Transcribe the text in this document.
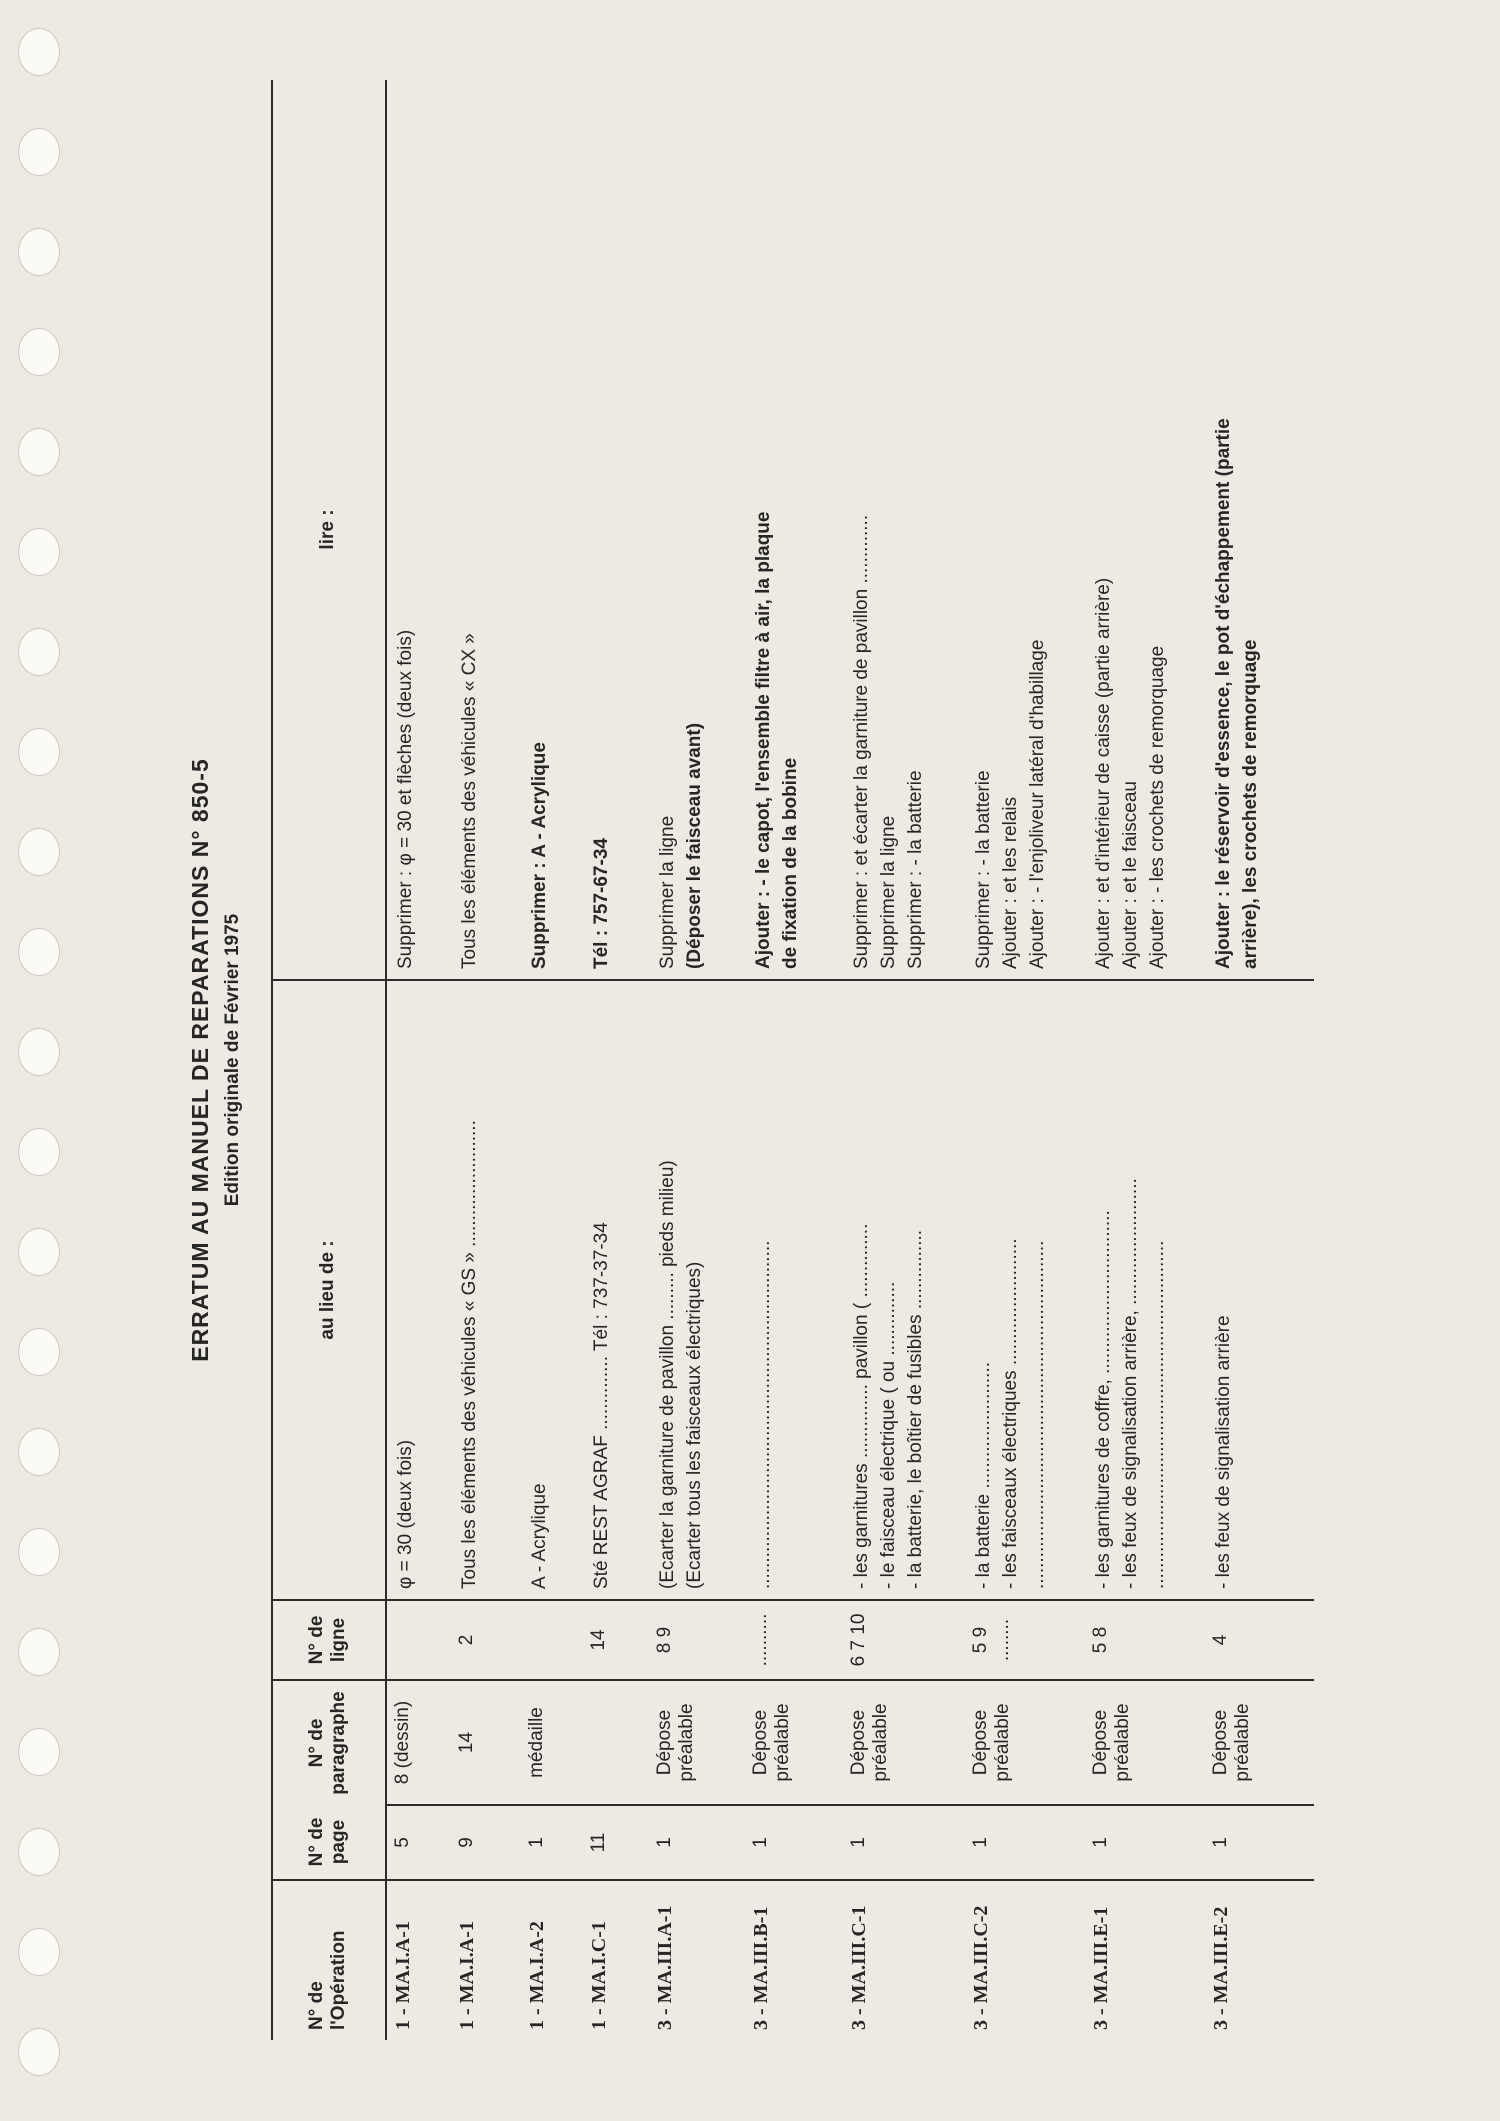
ERRATUM AU MANUEL DE REPARATIONS N° 850-5 Edition originale de Février 1975
N° de l'Opération	N° de page	N° de paragraphe	N° de ligne	au lieu de :	lire :
1 - MA.I.A-1	5	8 (dessin)		φ = 30 (deux fois)	Supprimer : φ = 30 et flèches (deux fois)

1 - MA.I.A-1	9	14	2	Tous les éléments des véhicules « GS » ........................	Tous les éléments des véhicules « CX »

1 - MA.I.A-2	1	médaille		A - Acrylique	Supprimer : A - Acrylique

1 - MA.I.C-1	11		14	Sté REST AGRAF .............. Tél : 737-37-34	Tél : 757-67-34

3 - MA.III.A-1	1	Dépose préalable	8 9	(Ecarter la garniture de pavillon ......... pieds milieu) (Ecarter tous les faisceaux électriques)	Supprimer la ligne (Déposer le faisceau avant)

3 - MA.III.B-1	1	Dépose préalable	..........	..................................................................	Ajouter : - le capot, l'ensemble filtre à air, la plaque de fixation de la bobine

3 - MA.III.C-1	1	Dépose préalable	6 7 10	- les garnitures .............. pavillon ( .............. - le faisceau électrique ( ou .............. - la batterie, le boîtier de fusibles ...............	Supprimer : et écarter la garniture de pavillon ............. Supprimer la ligne Supprimer : - la batterie

3 - MA.III.C-2	1	Dépose préalable	5 9 ........	- la batterie ........................ - les faisceaux électriques ........................ ..................................................................	Supprimer : - la batterie Ajouter : et les relais Ajouter : - l'enjoliveur latéral d'habillage

3 - MA.III.E-1	1	Dépose préalable	5 8	- les garnitures de coffre, ............................... - les feux de signalisation arrière, ........................ ..................................................................	Ajouter : et d'intérieur de caisse (partie arrière) Ajouter : et le faisceau Ajouter : - les crochets de remorquage

3 - MA.III.E-2	1	Dépose préalable	4	- les feux de signalisation arrière	Ajouter : le réservoir d'essence, le pot d'échappement (partie arrière), les crochets de remorquage
